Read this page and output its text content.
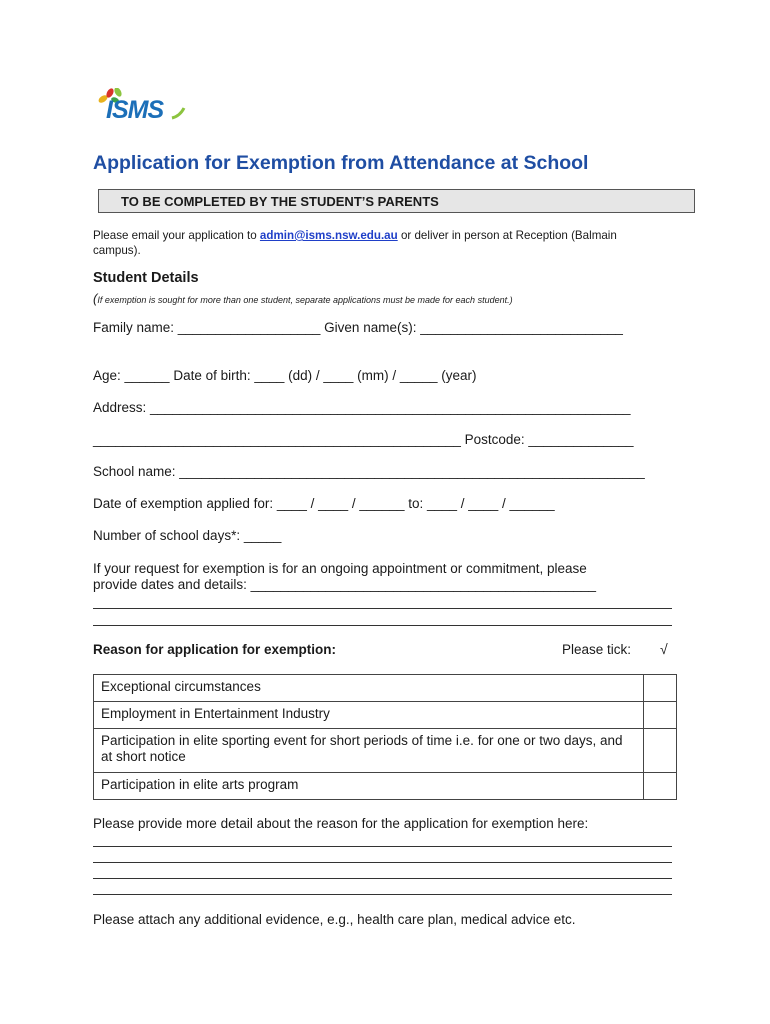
ISMS
Application for Exemption from Attendance at School
TO BE COMPLETED BY THE STUDENT’S PARENTS
Please email your application to admin@isms.nsw.edu.au or deliver in person at Reception (Balmain
campus).
Student Details
(If exemption is sought for more than one student, separate applications must be made for each student.)
Family name: ___________________ Given name(s): ___________________________
Age: ______ Date of birth: ____ (dd) / ____ (mm) / _____ (year)
Address: ________________________________________________________________
_________________________________________________ Postcode: ______________
School name: ______________________________________________________________
Date of exemption applied for: ____ / ____ / ______ to: ____ / ____ / ______
Number of school days*: _____
If your request for exemption is for an ongoing appointment or commitment, please
provide dates and details: ______________________________________________
Reason for application for exemption:	Please tick: √
Exceptional circumstances	
Employment in Entertainment Industry	
Participation in elite sporting event for short periods of time i.e. for one or two days, and at short notice	
Participation in elite arts program	
Please provide more detail about the reason for the application for exemption here:
Please attach any additional evidence, e.g., health care plan, medical advice etc.
